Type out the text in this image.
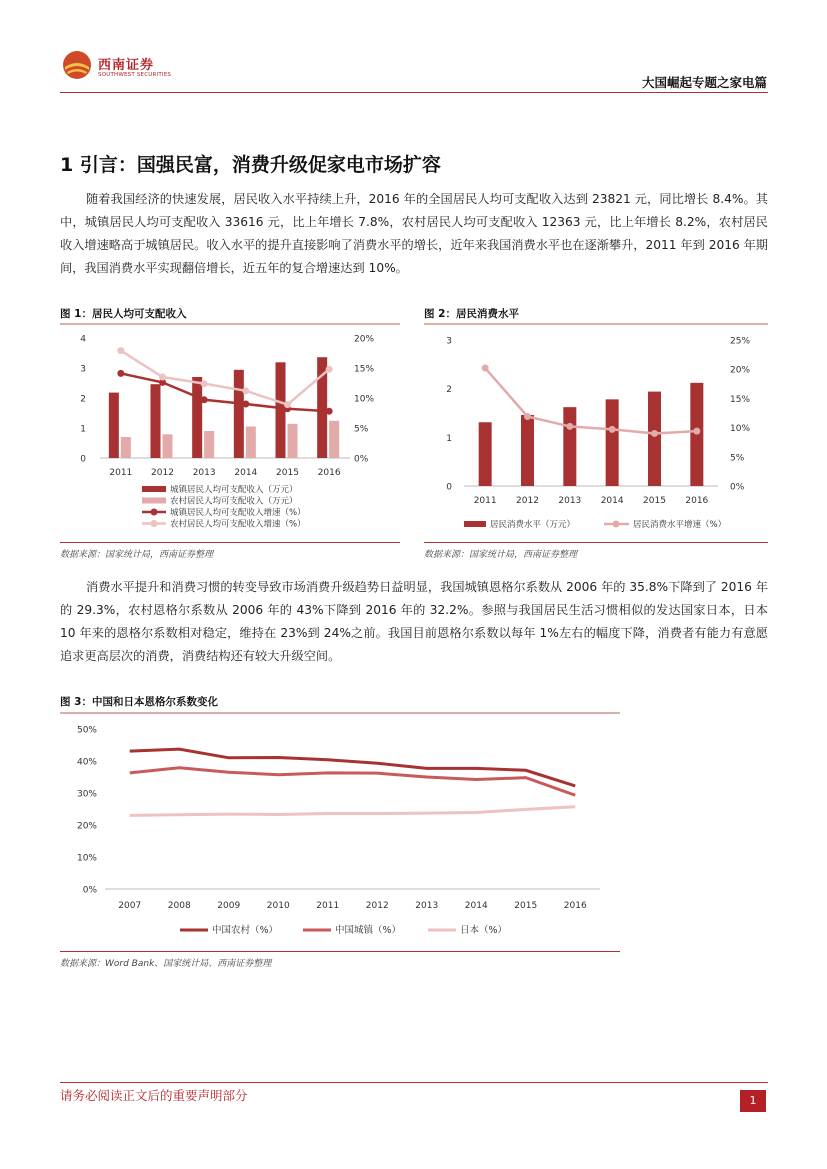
西南证券
SOUTHWEST SECURITIES	大国崛起专题之家电篇
1 引言：国强民富，消费升级促家电市场扩容
随着我国经济的快速发展，居民收入水平持续上升，2016 年的全国居民人均可支配收入达到 23821 元，同比增长 8.4%。其中，城镇居民人均可支配收入 33616 元，比上年增长 7.8%，农村居民人均可支配收入 12363 元，比上年增长 8.2%，农村居民收入增速略高于城镇居民。收入水平的提升直接影响了消费水平的增长，近年来我国消费水平也在逐渐攀升，2011 年到 2016 年期间，我国消费水平实现翻倍增长，近五年的复合增速达到 10%。
图 1：居民人均可支配收入
0
1
2
3
4
0%
5%
10%
15%
20%
2011 2012 2013 2014 2015 2016
城镇居民人均可支配收入（万元）
农村居民人均可支配收入（万元）
城镇居民人均可支配收入增速（%）
农村居民人均可支配收入增速（%）
数据来源：国家统计局，西南证券整理
图 2：居民消费水平
0
1
2
3
0%
5%
10%
15%
20%
25%
2011 2012 2013 2014 2015 2016
居民消费水平（万元）	居民消费水平增速（%）
数据来源：国家统计局，西南证券整理
消费水平提升和消费习惯的转变导致市场消费升级趋势日益明显，我国城镇恩格尔系数从 2006 年的 35.8%下降到了 2016 年的 29.3%，农村恩格尔系数从 2006 年的 43%下降到 2016 年的 32.2%。参照与我国居民生活习惯相似的发达国家日本，日本 10 年来的恩格尔系数相对稳定，维持在 23%到 24%之前。我国目前恩格尔系数以每年 1%左右的幅度下降，消费者有能力有意愿追求更高层次的消费，消费结构还有较大升级空间。
图 3：中国和日本恩格尔系数变化
0%
10%
20%
30%
40%
50%
2007	2008	2009	2010	2011	2012	2013	2014	2015	2016
中国农村（%）	中国城镇（%）	日本（%）
数据来源：Word Bank、国家统计局、西南证券整理
请务必阅读正文后的重要声明部分	1
